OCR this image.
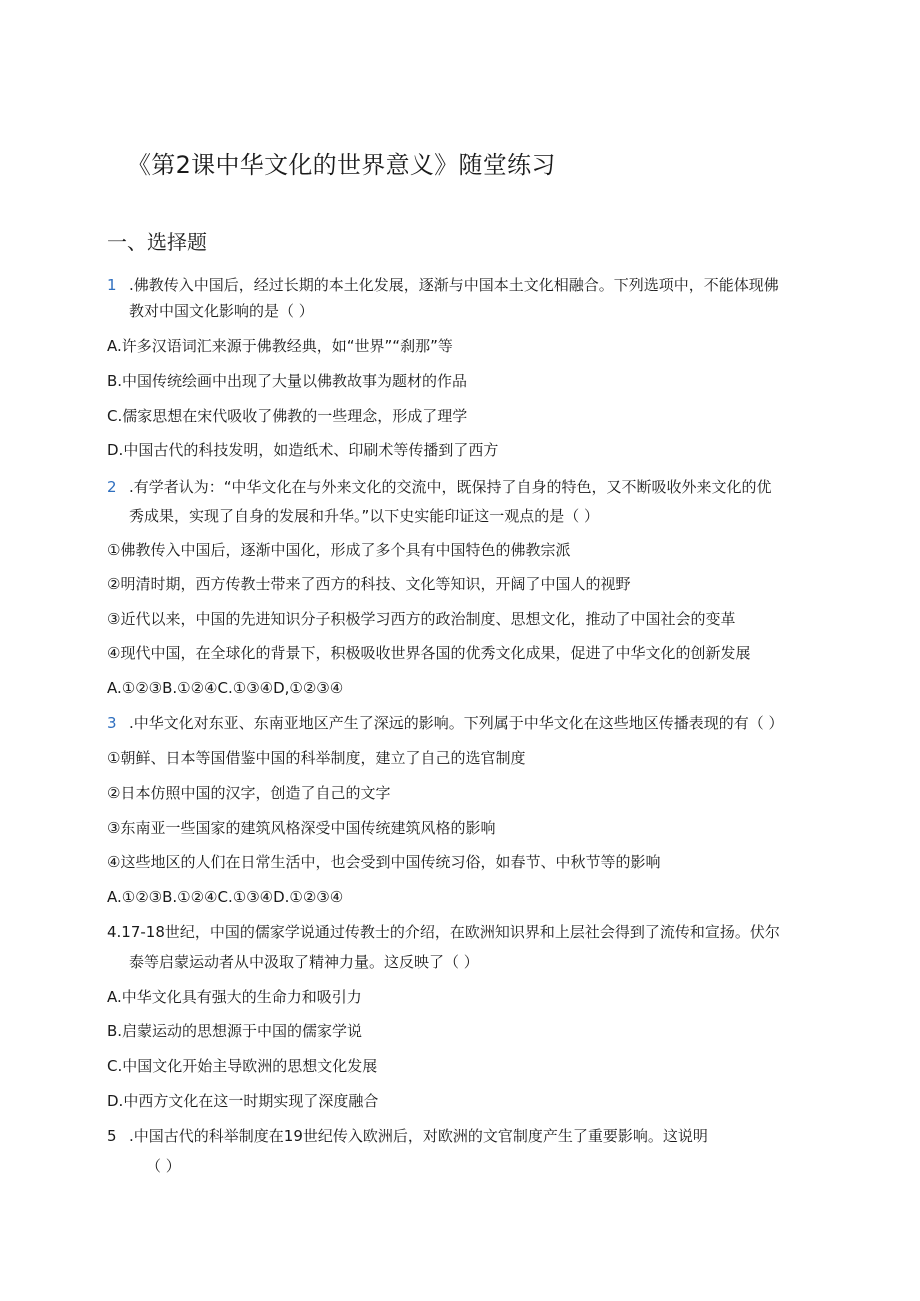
《第2课中华文化的世界意义》随堂练习
一、选择题
1 .佛教传入中国后，经过长期的本土化发展，逐渐与中国本土文化相融合。下列选项中，不能体现佛
教对中国文化影响的是（ ）
A.许多汉语词汇来源于佛教经典，如“世界”“刹那”等
B.中国传统绘画中出现了大量以佛教故事为题材的作品
C.儒家思想在宋代吸收了佛教的一些理念，形成了理学
D.中国古代的科技发明，如造纸术、印刷术等传播到了西方
2 .有学者认为：“中华文化在与外来文化的交流中，既保持了自身的特色，又不断吸收外来文化的优
秀成果，实现了自身的发展和升华。”以下史实能印证这一观点的是（ ）
①佛教传入中国后，逐渐中国化，形成了多个具有中国特色的佛教宗派
②明清时期，西方传教士带来了西方的科技、文化等知识，开阔了中国人的视野
③近代以来，中国的先进知识分子积极学习西方的政治制度、思想文化，推动了中国社会的变革
④现代中国，在全球化的背景下，积极吸收世界各国的优秀文化成果，促进了中华文化的创新发展
A.①②③B.①②④C.①③④D,①②③④
3 .中华文化对东亚、东南亚地区产生了深远的影响。下列属于中华文化在这些地区传播表现的有（ ）
①朝鲜、日本等国借鉴中国的科举制度，建立了自己的选官制度
②日本仿照中国的汉字，创造了自己的文字
③东南亚一些国家的建筑风格深受中国传统建筑风格的影响
④这些地区的人们在日常生活中，也会受到中国传统习俗，如春节、中秋节等的影响
A.①②③B.①②④C.①③④D.①②③④
4.17-18世纪，中国的儒家学说通过传教士的介绍，在欧洲知识界和上层社会得到了流传和宣扬。伏尔
泰等启蒙运动者从中汲取了精神力量。这反映了（ ）
A.中华文化具有强大的生命力和吸引力
B.启蒙运动的思想源于中国的儒家学说
C.中国文化开始主导欧洲的思想文化发展
D.中西方文化在这一时期实现了深度融合
5 .中国古代的科举制度在19世纪传入欧洲后，对欧洲的文官制度产生了重要影响。这说明
（ ）
